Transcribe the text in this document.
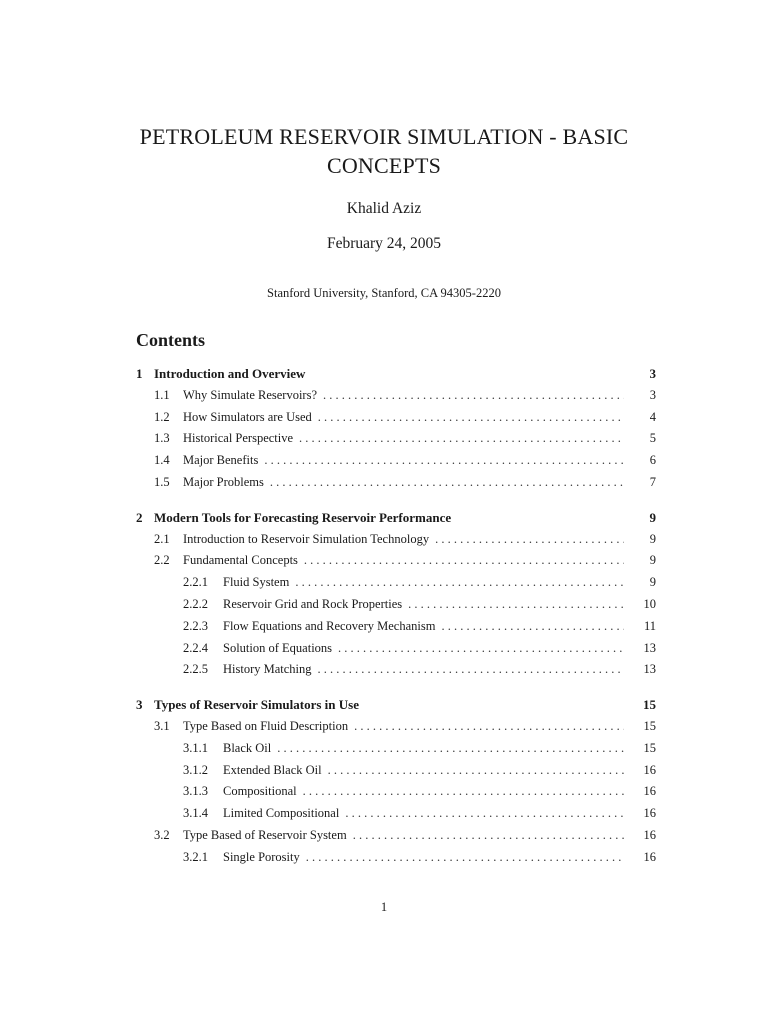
PETROLEUM RESERVOIR SIMULATION - BASIC
CONCEPTS
Khalid Aziz
February 24, 2005
Stanford University, Stanford, CA 94305-2220
Contents
1 Introduction and Overview	3
1.1	Why Simulate Reservoirs? . . .	3
1.2	How Simulators are Used . . .	4
1.3	Historical Perspective . . .	5
1.4	Major Benefits . . .	6
1.5	Major Problems . . .	7
2 Modern Tools for Forecasting Reservoir Performance	9
2.1	Introduction to Reservoir Simulation Technology . . .	9
2.2	Fundamental Concepts . . .	9
2.2.1	Fluid System . . .	9
2.2.2	Reservoir Grid and Rock Properties . . .	10
2.2.3	Flow Equations and Recovery Mechanism . . .	11
2.2.4	Solution of Equations . . .	13
2.2.5	History Matching . . .	13
3 Types of Reservoir Simulators in Use	15
3.1	Type Based on Fluid Description . . .	15
3.1.1	Black Oil . . .	15
3.1.2	Extended Black Oil . . .	16
3.1.3	Compositional . . .	16
3.1.4	Limited Compositional . . .	16
3.2	Type Based of Reservoir System . . .	16
3.2.1	Single Porosity . . .	16
1
